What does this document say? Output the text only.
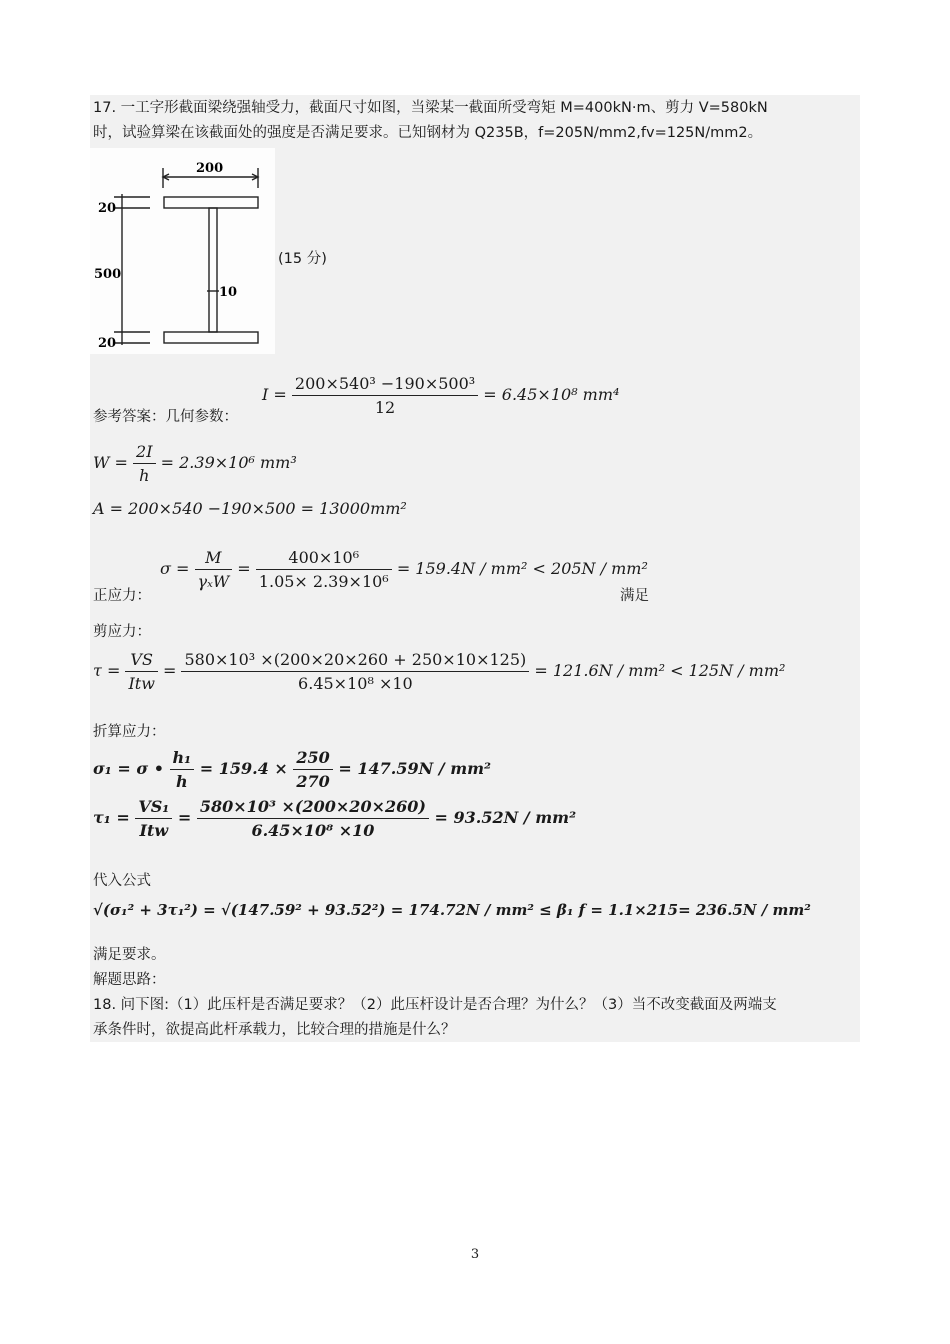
17. 一工字形截面梁绕强轴受力，截面尺寸如图，当梁某一截面所受弯矩 M=400kN·m、剪力 V=580kN
时，试验算梁在该截面处的强度是否满足要求。已知钢材为 Q235B，f=205N/mm2,fv=125N/mm2。
200
20
500
10
20
(15 分)
$I = \frac{\text{200×540³ −190×500³}}{12} = 6.45\times 10^8$ mm⁴
参考答案：几何参数：
$W = \frac{2I}{h} = 2.39\times 10^6$ mm³
A = 200×540 −190×500 = 13000mm²
$\sigma = \frac{M}{\text{γₓW}} = \frac{\text{400×10⁶}}{\text{1.05× 2.39×10⁶}} = 159.4N / mm^2 < 205N / mm^2$
正应力：	满足
剪应力：
$\tau = \frac{VS}{\text{Itw}} = \frac{\text{580×10³ ×(200×20×260 + 250×10×125)}}{\text{6.45×10⁸ ×10}} = 121.6N / mm^2 < 125N / mm^2$
折算应力：
σ₁ = σ • $\frac{\text{h₁}}{h} = 159.4 \times \frac{250}{270} = 147.59N / mm^2$
$\tau_1 = \frac{\text{VS₁}}{\text{Itw}} = \frac{\text{580×10³ ×(200×20×260)}}{\text{6.45×10⁸ ×10}} = 93.52N / mm^2$
代入公式
√(σ₁² + 3τ₁²) = √(147.59² + 93.52²) = 174.72N / mm² ≤ β₁ f = 1.1×215= 236.5N / mm²
满足要求。
解题思路：
18. 问下图:（1）此压杆是否满足要求？（2）此压杆设计是否合理？为什么？（3）当不改变截面及两端支
承条件时，欲提高此杆承载力，比较合理的措施是什么？
3
